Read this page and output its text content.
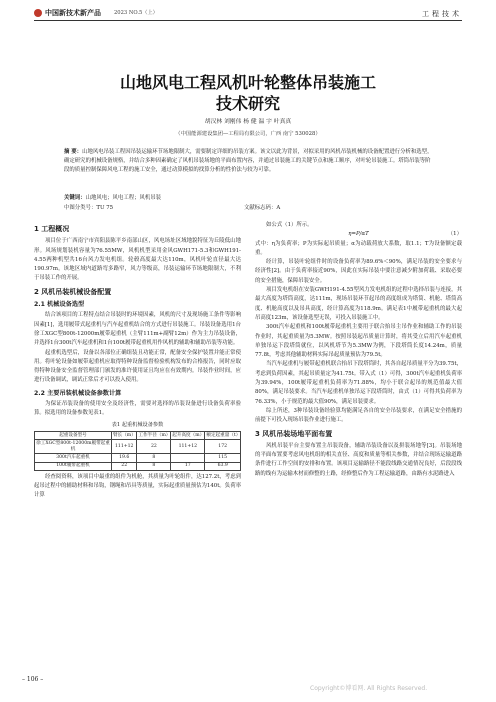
中国新技术新产品	2023 NO.5（上）	工程技术
山地风电工程风机叶轮整体吊装施工
技术研究
胡汉林 刘刚伟 杨 健 温 宇 叶真真
（中国能源建设集团—工程局有限公司，广西 南宁 530028）
摘 要：山地风电吊装工程因吊装运输环节场地限制大，需要制定详细的吊装方案。该文以此为背景，对拟采用的风机吊装机械的设备配置进行分析和选型，确定研究的机械设备规格，并结合多种因素确定了风机吊装场地的平面布置内容，并通过吊装施工的关键节点和施工顺序，对叶轮吊装施工。塔筒吊装等阶段的质量控制保障风电工程的施工安全，通过动算模拟的找算分析的性价法与较为可靠。
关键词：山地风电；风电工程；风机吊装
中图分类号：TU 75	文献标志码：A
1 工程概况

项目位于广西南宁市宾阳县陈平乡南部山区，风电场址区域地貌特征为丘陵低山地形。风场规划装机容量为76.55MW，风机机型采用金风GWH171-5.3和GWH191-4.55两种机型共16台风力发电机组。轮毂高度最大达110m，风机叶轮直径最大达190.97m。该地区域内道路弯多路窄，风力等级高，吊装运输环节场地限制大，不利于吊装工作的开展。

2 风机吊装机械设备配置
2.1 机械设备选型

结合该项目的工程特点结合吊装时的环境因素，风机的尺寸及现场施工条件等影响因素[1]，选用履带式起重机与汽车起重机结合的方式进行吊装施工。吊装设备选用1台徐工XGC型800t-12000m履带起重机（主臂111m+副臂12m）作为主力吊装设备，并选择1台300t汽车起重机和1台100t履带起重机用作风机的辅助和辅助吊装等功能。

起重机选型后，设备以各部位正确组装且功能正常，配备安全保护装置并能正常使用。将叶轮设备如履带起重机应取得特种设备监督检验机构发布的合格报告，同时应取得特种设备安全监督管理部门颁发的准许使用证且均应在有效期内。吊装作业时间，应进行设备调试，调试正常后才可以投入使用。

2.2 主要吊装机械设备参数计算

为保证吊装设备的使用安全及经济性，需要对选择的吊装设备进行设备负荷率验算。拟选用的设备参数见表1。

表1 起重机械设备参数

起重设备型号	臂长（m）	工作半径（m）	起升高度（m）	额定起重量（t）
徐工XGC型800t-12000m履带起重机	111+12	22	111+12	172
300t汽车起重机	19.6	8		115
100t履带起重机	22	8	17	63.9

经查阅资料，该项目中最重的组件为机舱，其质量为叶轮组件，达127.2t，考虑到起吊过程中的辅助材料和吊钩，钢绳和吊具等质量，实际起重质量预估为140t。负荷率计算

如公式（1）所示。

η=P/αT	（1）

式中：η为负荷率；P为实际起吊质量；α为动载荷放大系数，取1.1；T为设备额定载重。

经计算，吊装叶轮组件时的设备负荷率为89.6%＜90%，满足吊装的安全要求与经济性[2]。由于负荷率接近90%，因此在实际吊装中要注意减少附加荷载、采取必要的安全措施，保障吊装安全。

项目发电机组在安装GWH191-4.55型风力发电机组的过程中选择吊装与连接，其最大高度为塔筒高度，达111m，现场吊装环节起吊的高度组成为塔筒、机舱、塔筒高度、机舱高度以及吊具高度，经计算高度为118.9m。满足表1中履带起重机的最大起吊高度123m，该设备选型无误，可投入吊装施工中。

300t汽车起重机和100t履带起重机主要用于联合抬吊主吊作业和辅助工作的吊装作业时，其起重质量为5.3MW。按照吊装起吊质量计算时，将其受立后用汽车起重机单独吊运下段塔筒就位，以风机塔节为5.3MW为例，下段塔筒长度14.24m，质量77.8t，考虑其他辅助材料实际吊起质量预估为79.5t。

当汽车起重机与履带起重机联合抬吊下段塔筒时，其各自起吊质量平分为39.75t，考虑到负荷因素，其起吊质量定为41.75t。带入式（1）可得，300t汽车起重机负荷率为39.94%，100t履带起重机负荷率为71.88%，均小于联合起吊的规范值最大值80%，满足吊装要求。当汽车起重机单独吊运下段塔筒时，由式（1）可得其负荷率为76.33%，小于规范的最大值90%，满足吊装要求。

综上所述，3种吊装设备经验算均能满足各自的安全吊装要求，在满足安全措施的前提下可投入现场吊装作业进行施工。

3 风机吊装场地平面布置

风机吊装平台主要布置主吊装设备，辅助吊装设备以及拼装场地等[3]。吊装场地的平面布置要考虑风电机组的相关直径、高度和质量等相关参数，并结合现场运输道路条件进行工作空间的安排和布置。该项目运输路径不能段线路交通情况良好，后段段线路的线有为运输木材而修整的土路，经修整后作为工程运输道路，由路有水泥路进入

– 106 –
Copyright©博看网. All Rights Reserved.
